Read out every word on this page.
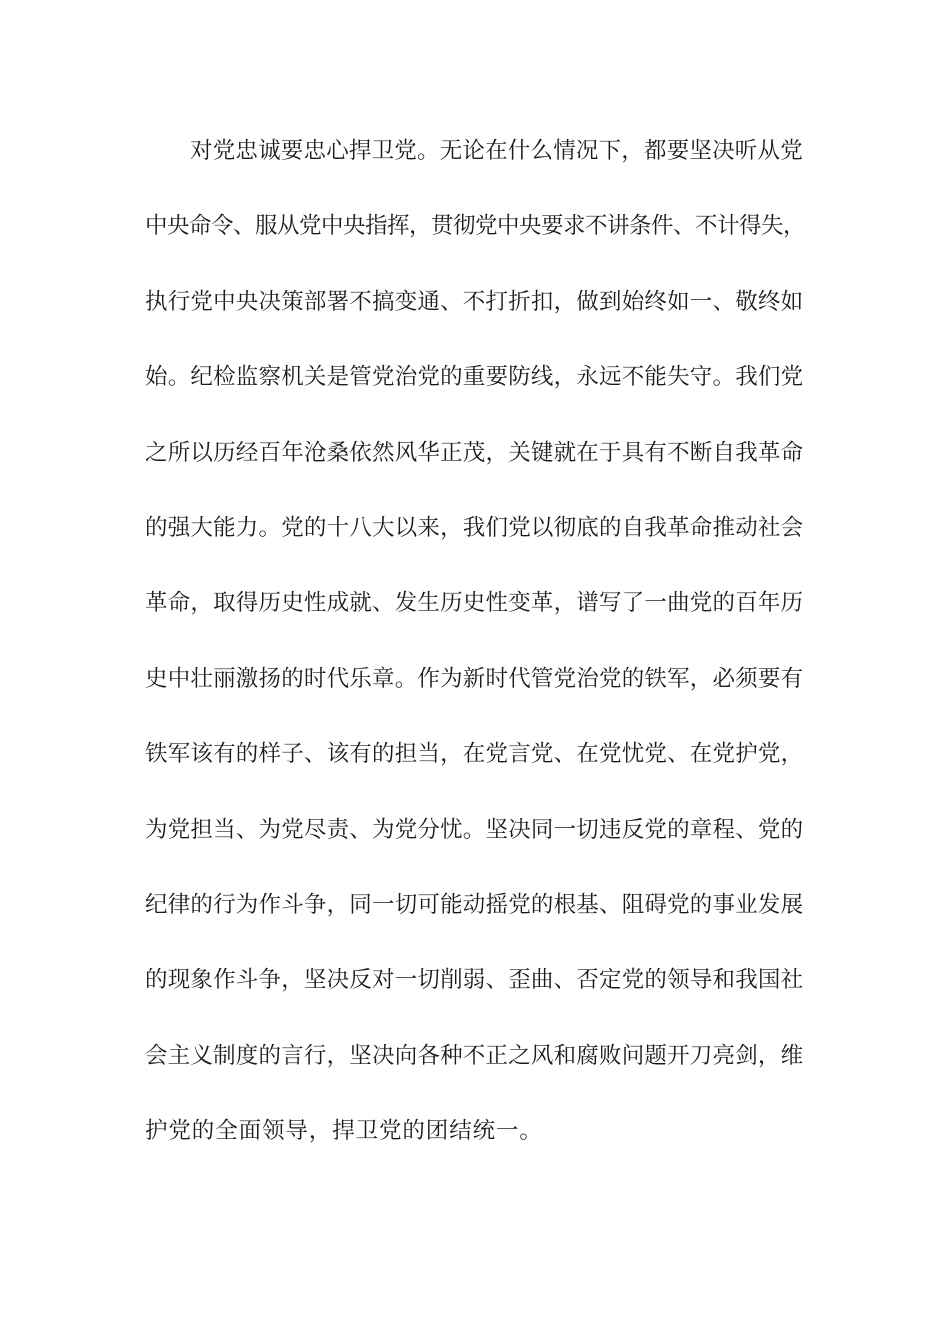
对党忠诚要忠心捍卫党。无论在什么情况下，都要坚决听从党
中央命令、服从党中央指挥，贯彻党中央要求不讲条件、不计得失，
执行党中央决策部署不搞变通、不打折扣，做到始终如一、敬终如
始。纪检监察机关是管党治党的重要防线，永远不能失守。我们党
之所以历经百年沧桑依然风华正茂，关键就在于具有不断自我革命
的强大能力。党的十八大以来，我们党以彻底的自我革命推动社会
革命，取得历史性成就、发生历史性变革，谱写了一曲党的百年历
史中壮丽激扬的时代乐章。作为新时代管党治党的铁军，必须要有
铁军该有的样子、该有的担当，在党言党、在党忧党、在党护党，
为党担当、为党尽责、为党分忧。坚决同一切违反党的章程、党的
纪律的行为作斗争，同一切可能动摇党的根基、阻碍党的事业发展
的现象作斗争，坚决反对一切削弱、歪曲、否定党的领导和我国社
会主义制度的言行，坚决向各种不正之风和腐败问题开刀亮剑，维
护党的全面领导，捍卫党的团结统一。
